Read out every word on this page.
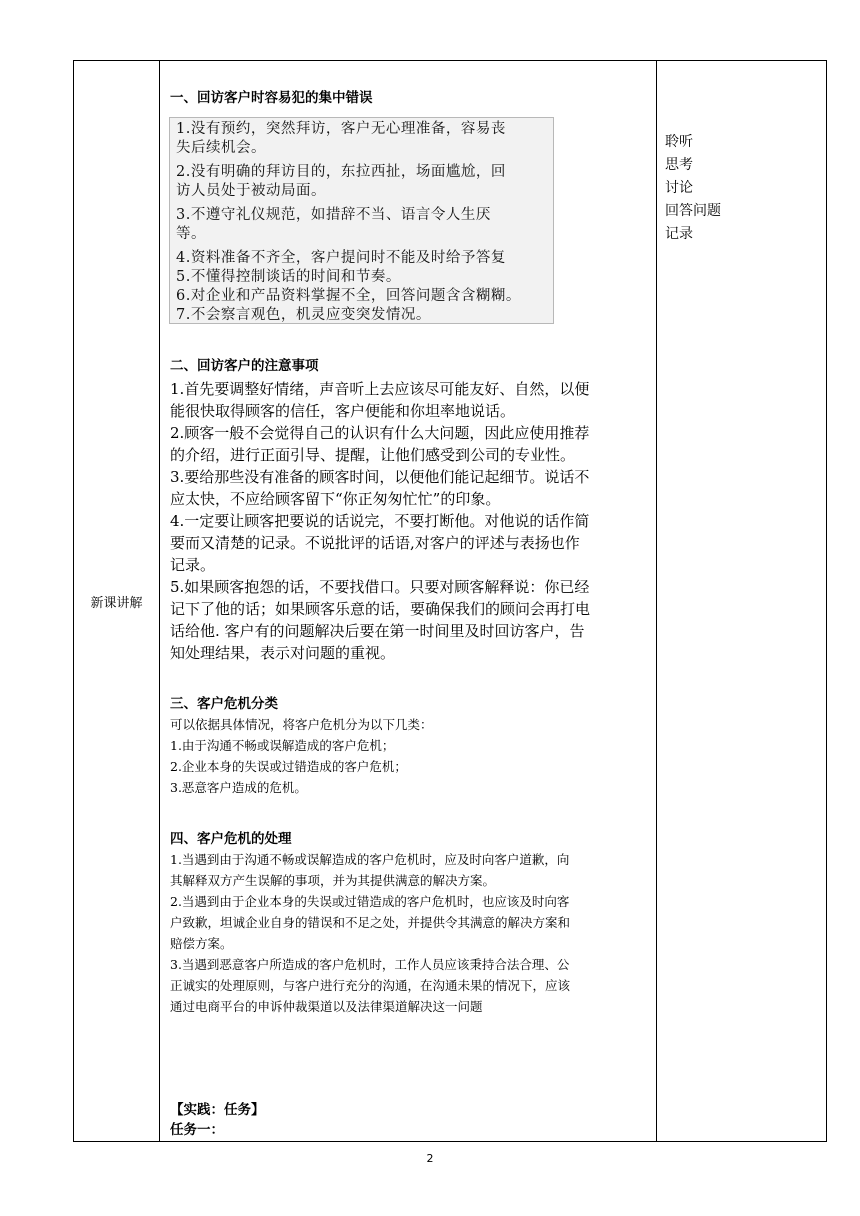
新课讲解

1.没有预约，突然拜访，客户无心理准备，容易丧

失后续机会。

2.没有明确的拜访目的，东拉西扯，场面尴尬，回

访人员处于被动局面。

3.不遵守礼仪规范，如措辞不当、语言令人生厌

等。

4.资料准备不齐全，客户提问时不能及时给予答复

5.不懂得控制谈话的时间和节奏。

6.对企业和产品资料掌握不全，回答问题含含糊糊。

7.不会察言观色，机灵应变突发情况。

聆听
思考
讨论
回答问题
记录

一、回访客户时容易犯的集中错误

二、回访客户的注意事项

1.首先要调整好情绪，声音听上去应该尽可能友好、自然，以便

能很快取得顾客的信任，客户便能和你坦率地说话。

2.顾客一般不会觉得自己的认识有什么大问题，因此应使用推荐

的介绍，进行正面引导、提醒，让他们感受到公司的专业性。

3.要给那些没有准备的顾客时间，以便他们能记起细节。说话不

应太快，不应给顾客留下“你正匆匆忙忙”的印象。

4.一定要让顾客把要说的话说完，不要打断他。对他说的话作简

要而又清楚的记录。不说批评的话语,对客户的评述与表扬也作

记录。

5.如果顾客抱怨的话，不要找借口。只要对顾客解释说：你已经

记下了他的话；如果顾客乐意的话，要确保我们的顾问会再打电

话给他. 客户有的问题解决后要在第一时间里及时回访客户，告

知处理结果，表示对问题的重视。

三、客户危机分类

可以依据具体情况，将客户危机分为以下几类：

1.由于沟通不畅或误解造成的客户危机；

2.企业本身的失误或过错造成的客户危机；

3.恶意客户造成的危机。

四、客户危机的处理

1.当遇到由于沟通不畅或误解造成的客户危机时，应及时向客户道歉，向

其解释双方产生误解的事项，并为其提供满意的解决方案。

2.当遇到由于企业本身的失误或过错造成的客户危机时，也应该及时向客

户致歉，坦诚企业自身的错误和不足之处，并提供令其满意的解决方案和

赔偿方案。

3.当遇到恶意客户所造成的客户危机时，工作人员应该秉持合法合理、公

正诚实的处理原则，与客户进行充分的沟通，在沟通未果的情况下，应该

通过电商平台的申诉仲裁渠道以及法律渠道解决这一问题

【实践：任务】

任务一：

2
